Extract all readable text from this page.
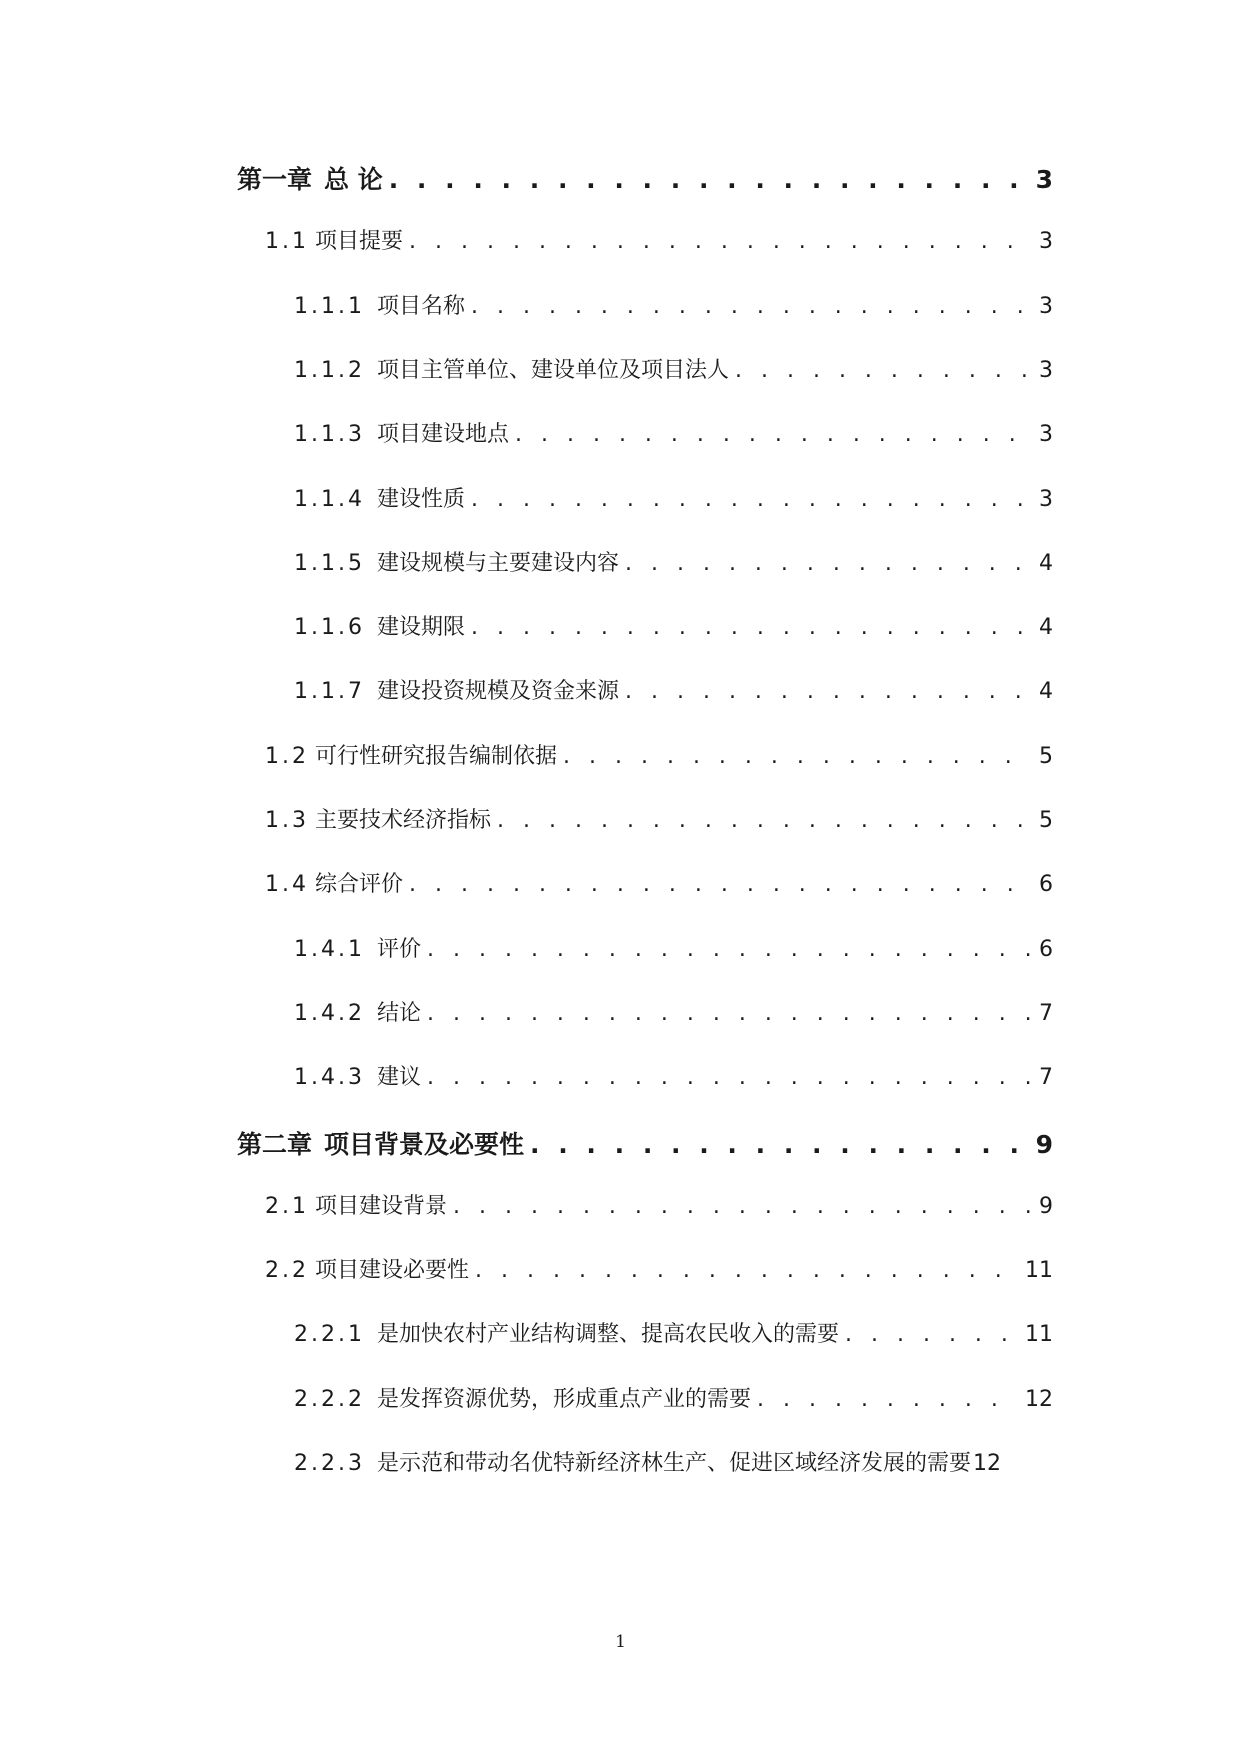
第一章 总 论 . . .	3
1.1 项目提要 . . .	3
1.1.1 项目名称 . . .	3
1.1.2 项目主管单位、建设单位及项目法人 . . .	3
1.1.3 项目建设地点 . . .	3
1.1.4 建设性质 . . .	3
1.1.5 建设规模与主要建设内容 . . .	4
1.1.6 建设期限 . . .	4
1.1.7 建设投资规模及资金来源 . . .	4
1.2 可行性研究报告编制依据 . . .	5
1.3 主要技术经济指标 . . .	5
1.4 综合评价 . . .	6
1.4.1 评价 . . .	6
1.4.2 结论 . . .	7
1.4.3 建议 . . .	7
第二章 项目背景及必要性 . . .	9
2.1 项目建设背景 . . .	9
2.2 项目建设必要性 . . .	11
2.2.1 是加快农村产业结构调整、提高农民收入的需要 . . .	11
2.2.2 是发挥资源优势，形成重点产业的需要 . . .	12
2.2.3 是示范和带动名优特新经济林生产、促进区域经济发展的需要 12
1
